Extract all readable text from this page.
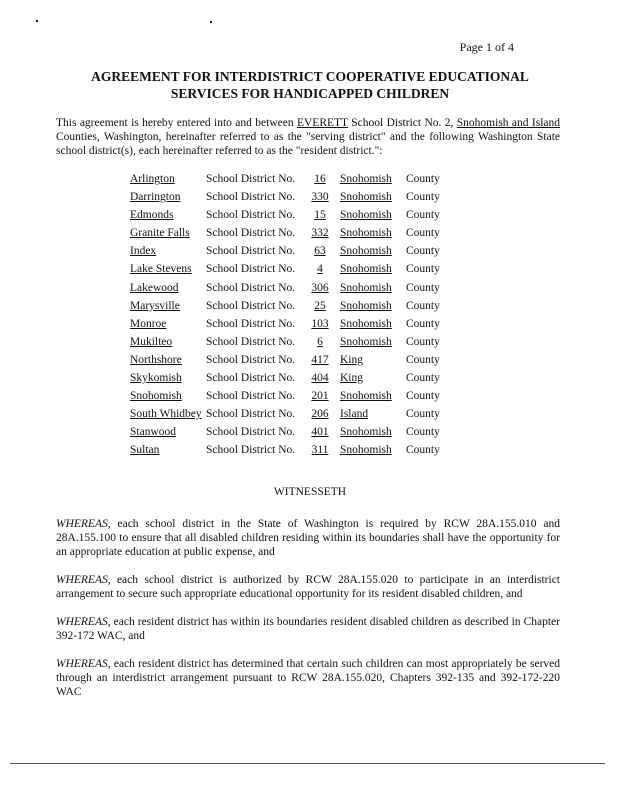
Page 1 of 4
AGREEMENT FOR INTERDISTRICT COOPERATIVE EDUCATIONAL
SERVICES FOR HANDICAPPED CHILDREN
This agreement is hereby entered into and between EVERETT School District No. 2, Snohomish and Island Counties, Washington, hereinafter referred to as the "serving district" and the following Washington State school district(s), each hereinafter referred to as the "resident district.":
Arlington	School District No.	16	Snohomish	County
Darrington	School District No.	330 Snohomish	County
Edmonds	School District No.	15	Snohomish	County
Granite Falls	School District No.	332 Snohomish	County
Index	School District No.	63	Snohomish	County
Lake Stevens	School District No.	4	Snohomish	County
Lakewood	School District No.	306 Snohomish	County
Marysville	School District No.	25	Snohomish	County
Monroe	School District No.	103 Snohomish	County
Mukilteo	School District No.	6	Snohomish	County
Northshore	School District No.	417 King	County
Skykomish	School District No.	404 King	County
Snohomish	School District No.	201 Snohomish	County
South Whidbey School District No.	206 Island	County
Stanwood	School District No.	401 Snohomish	County
Sultan	School District No.	311	Snohomish	County
WITNESSETH
WHEREAS, each school district in the State of Washington is required by RCW 28A.155.010 and 28A.155.100 to ensure that all disabled children residing within its boundaries shall have the opportunity for an appropriate education at public expense, and
WHEREAS, each school district is authorized by RCW 28A.155.020 to participate in an interdistrict arrangement to secure such appropriate educational opportunity for its resident disabled children, and
WHEREAS, each resident district has within its boundaries resident disabled children as described in Chapter 392-172 WAC, and
WHEREAS, each resident district has determined that certain such children can most appropriately be served through an interdistrict arrangement pursuant to RCW 28A.155.020, Chapters 392-135 and 392-172-220 WAC
